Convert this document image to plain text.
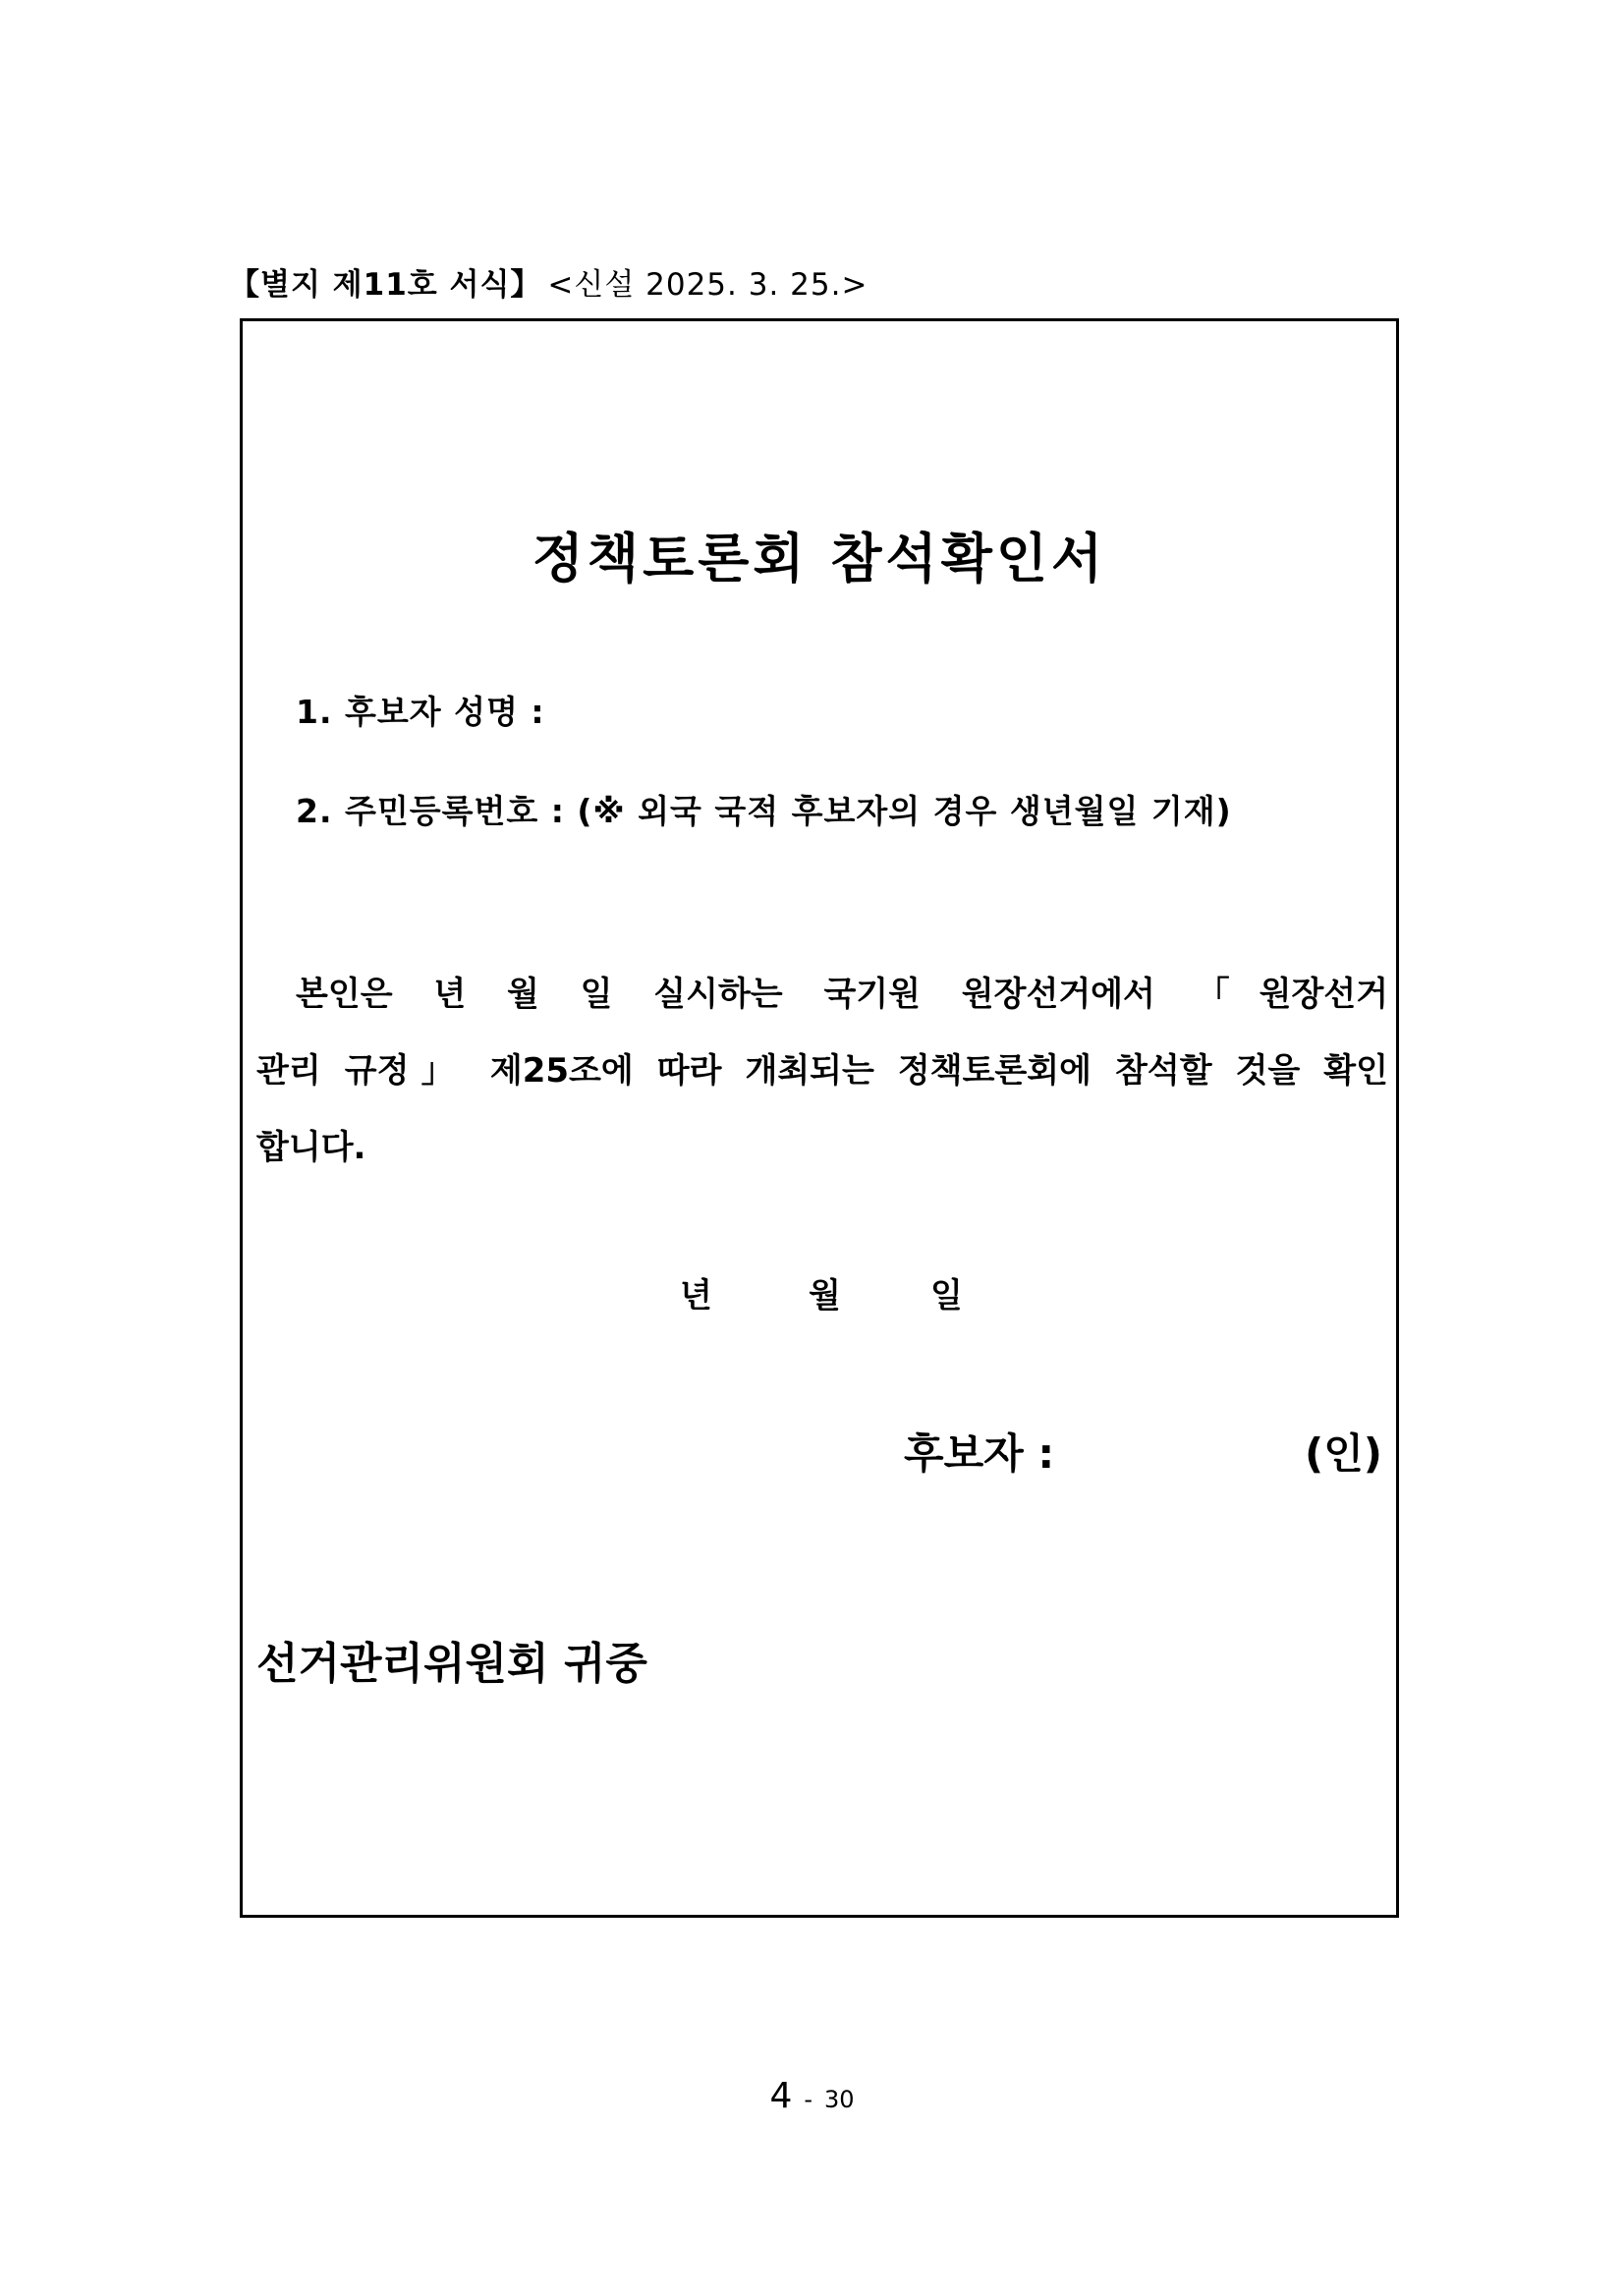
【별지 제11호 서식】 <신설 2025. 3. 25.>
정책토론회 참석확인서
1. 후보자 성명 :
2. 주민등록번호 : (※ 외국 국적 후보자의 경우 생년월일 기재)
본인은 년 월 일 실시하는 국기원 원장선거에서 「원장선거
관리 규정」 제25조에 따라 개최되는 정책토론회에 참석할 것을 확인
합니다.
년	월	일
후보자 :	(인)
선거관리위원회 귀중
4 - 30
